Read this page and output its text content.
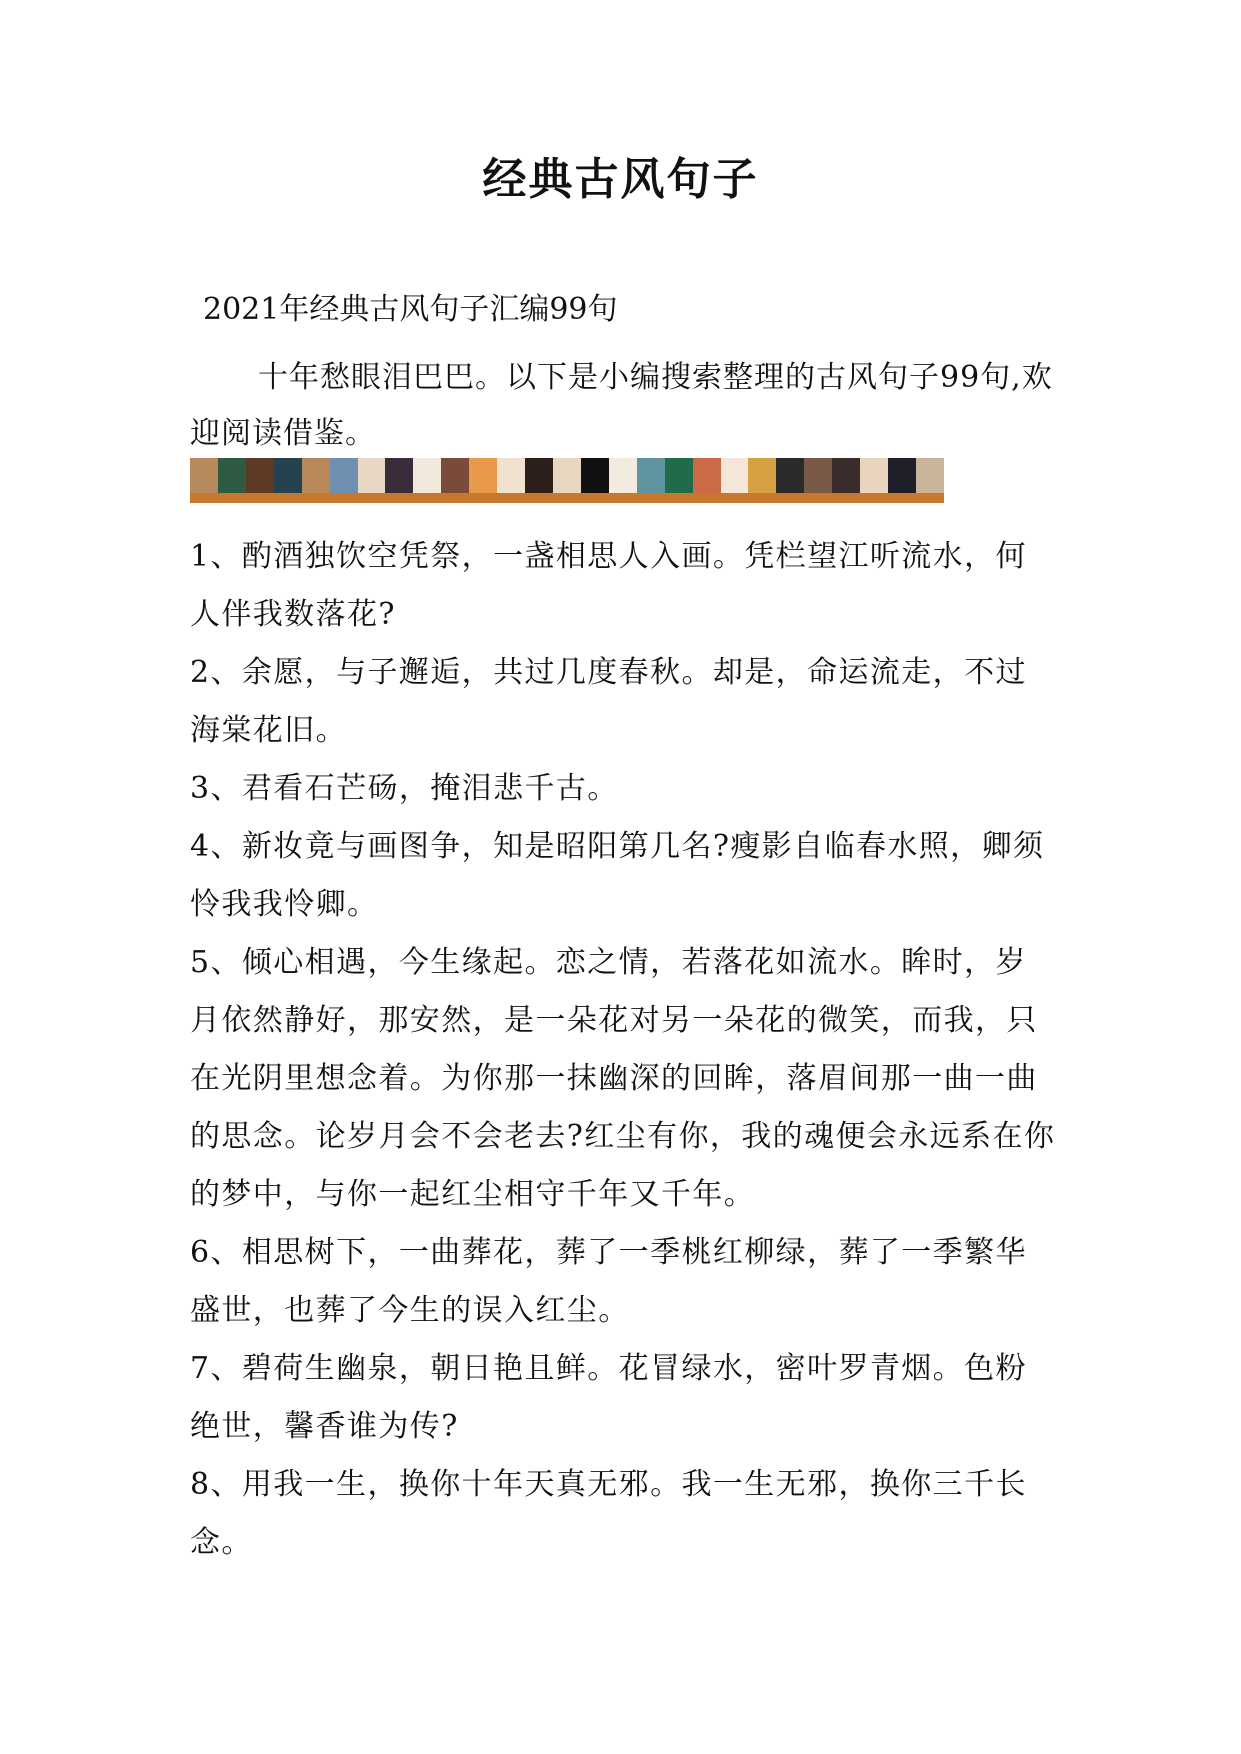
经典古风句子
2021年经典古风句子汇编99句

十年愁眼泪巴巴。以下是小编搜索整理的古风句子99句,欢迎阅读借鉴。

1、酌酒独饮空凭祭，一盏相思人入画。凭栏望江听流水，何人伴我数落花?
2、余愿，与子邂逅，共过几度春秋。却是，命运流走，不过海棠花旧。
3、君看石芒砀，掩泪悲千古。
4、新妆竟与画图争，知是昭阳第几名?瘦影自临春水照，卿须怜我我怜卿。
5、倾心相遇，今生缘起。恋之情，若落花如流水。眸时，岁月依然静好，那安然，是一朵花对另一朵花的微笑，而我，只在光阴里想念着。为你那一抹幽深的回眸，落眉间那一曲一曲的思念。论岁月会不会老去?红尘有你，我的魂便会永远系在你的梦中，与你一起红尘相守千年又千年。
6、相思树下，一曲葬花，葬了一季桃红柳绿，葬了一季繁华盛世，也葬了今生的误入红尘。
7、碧荷生幽泉，朝日艳且鲜。花冒绿水，密叶罗青烟。色粉绝世，馨香谁为传?
8、用我一生，换你十年天真无邪。我一生无邪，换你三千长念。
